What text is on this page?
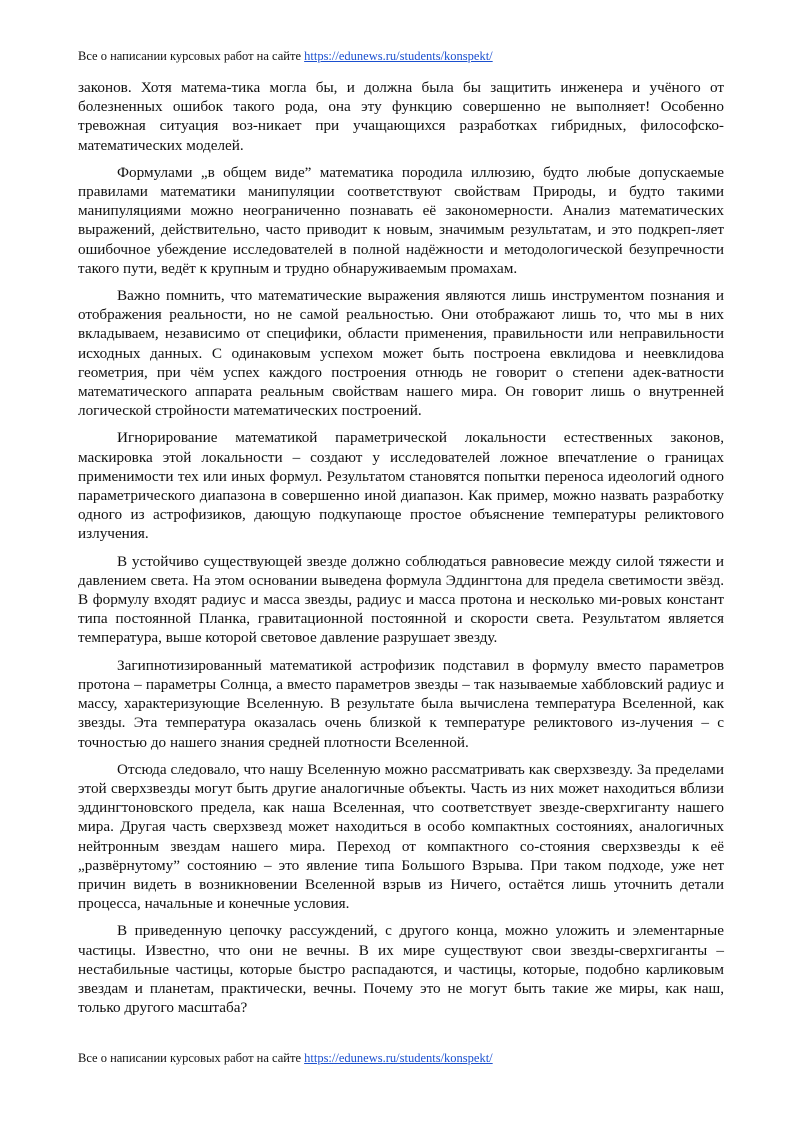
Все о написании курсовых работ на сайте https://edunews.ru/students/konspekt/

законов. Хотя матема-тика могла бы, и должна была бы защитить инженера и учёного от болезненных ошибок такого рода, она эту функцию совершенно не выполняет! Особенно тревожная ситуация воз-никает при учащающихся разработках гибридных, философско-математических моделей.

Формулами „в общем виде” математика породила иллюзию, будто любые допускаемые правилами математики манипуляции соответствуют свойствам Природы, и будто такими манипуляциями можно неограниченно познавать её закономерности. Анализ математических выражений, действительно, часто приводит к новым, значимым результатам, и это подкреп-ляет ошибочное убеждение исследователей в полной надёжности и методологической безупречности такого пути, ведёт к крупным и трудно обнаруживаемым промахам.

Важно помнить, что математические выражения являются лишь инструментом познания и отображения реальности, но не самой реальностью. Они отображают лишь то, что мы в них вкладываем, независимо от специфики, области применения, правильности или неправильности исходных данных. С одинаковым успехом может быть построена евклидова и неевклидова геометрия, при чём успех каждого построения отнюдь не говорит о степени адек-ватности математического аппарата реальным свойствам нашего мира. Он говорит лишь о внутренней логической стройности математических построений.

Игнорирование математикой параметрической локальности естественных законов, маскировка этой локальности – создают у исследователей ложное впечатление о границах применимости тех или иных формул. Результатом становятся попытки переноса идеологий одного параметрического диапазона в совершенно иной диапазон. Как пример, можно назвать разработку одного из астрофизиков, дающую подкупающе простое объяснение температуры реликтового излучения.

В устойчиво существующей звезде должно соблюдаться равновесие между силой тяжести и давлением света. На этом основании выведена формула Эддингтона для предела светимости звёзд. В формулу входят радиус и масса звезды, радиус и масса протона и несколько ми-ровых констант типа постоянной Планка, гравитационной постоянной и скорости света. Результатом является температура, выше которой световое давление разрушает звезду.

Загипнотизированный математикой астрофизик подставил в формулу вместо параметров протона – параметры Солнца, а вместо параметров звезды – так называемые хаббловский радиус и массу, характеризующие Вселенную. В результате была вычислена температура Вселенной, как звезды. Эта температура оказалась очень близкой к температуре реликтового из-лучения – с точностью до нашего знания средней плотности Вселенной.

Отсюда следовало, что нашу Вселенную можно рассматривать как сверхзвезду. За пределами этой сверхзвезды могут быть другие аналогичные объекты. Часть из них может находиться вблизи эддингтоновского предела, как наша Вселенная, что соответствует звезде-сверхгиганту нашего мира. Другая часть сверхзвезд может находиться в особо компактных состояниях, аналогичных нейтронным звездам нашего мира. Переход от компактного со-стояния сверхзвезды к её „развёрнутому” состоянию – это явление типа Большого Взрыва. При таком подходе, уже нет причин видеть в возникновении Вселенной взрыв из Ничего, остаётся лишь уточнить детали процесса, начальные и конечные условия.

В приведенную цепочку рассуждений, с другого конца, можно уложить и элементарные частицы. Известно, что они не вечны. В их мире существуют свои звезды-сверхгиганты – нестабильные частицы, которые быстро распадаются, и частицы, которые, подобно карликовым звездам и планетам, практически, вечны. Почему это не могут быть такие же миры, как наш, только другого масштаба?

Все о написании курсовых работ на сайте https://edunews.ru/students/konspekt/
